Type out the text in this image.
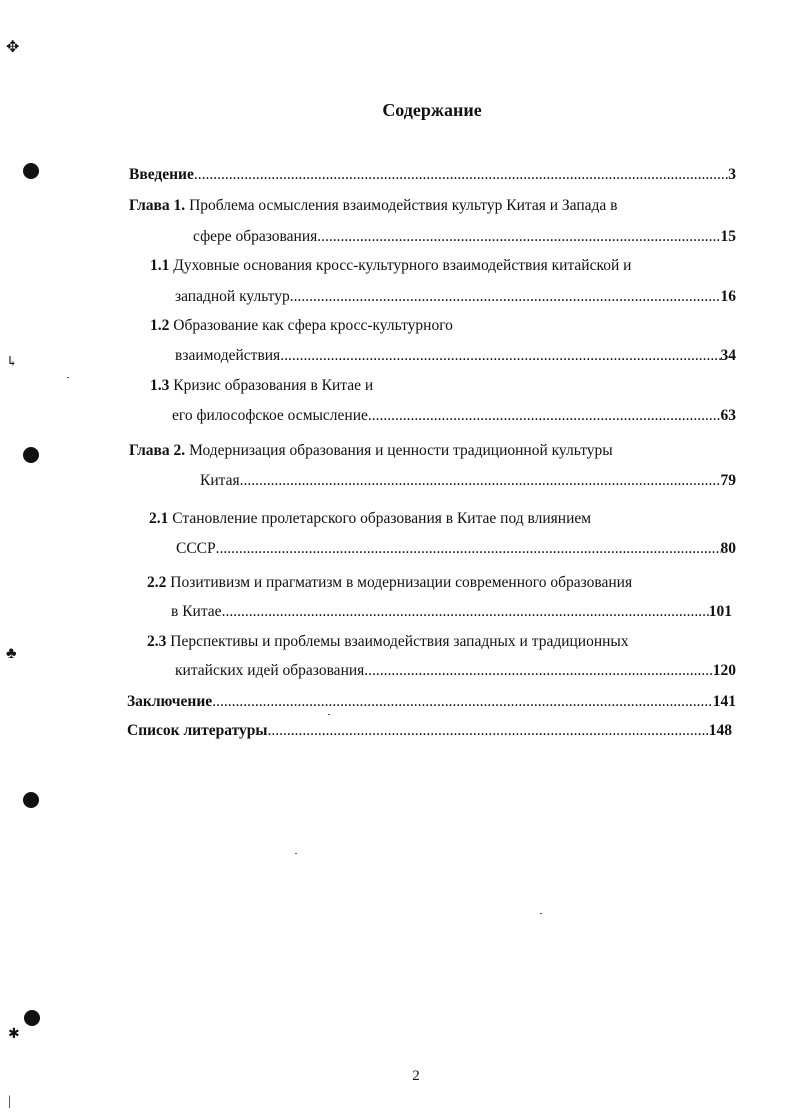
✥
↳
♣
✱
|
Содержание
Введение .....	3
Глава 1. Проблема осмысления взаимодействия культур Китая и Запада в
сфере образования .....	15
1.1 Духовные основания кросс-культурного взаимодействия китайской и
западной культур .....	16
1.2 Образование как сфера кросс-культурного
взаимодействия .....	34
1.3 Кризис образования в Китае и
его философское осмысление. .....	63
Глава 2. Модернизация образования и ценности традиционной культуры
Китая .....	79
2.1 Становление пролетарского образования в Китае под влиянием
СССР .....	80
2.2 Позитивизм и прагматизм в модернизации современного образования
в Китае .....	101
2.3 Перспективы и проблемы взаимодействия западных и традиционных
китайских идей образования .....	120
Заключение .....	141
Список литературы .....	148
2
